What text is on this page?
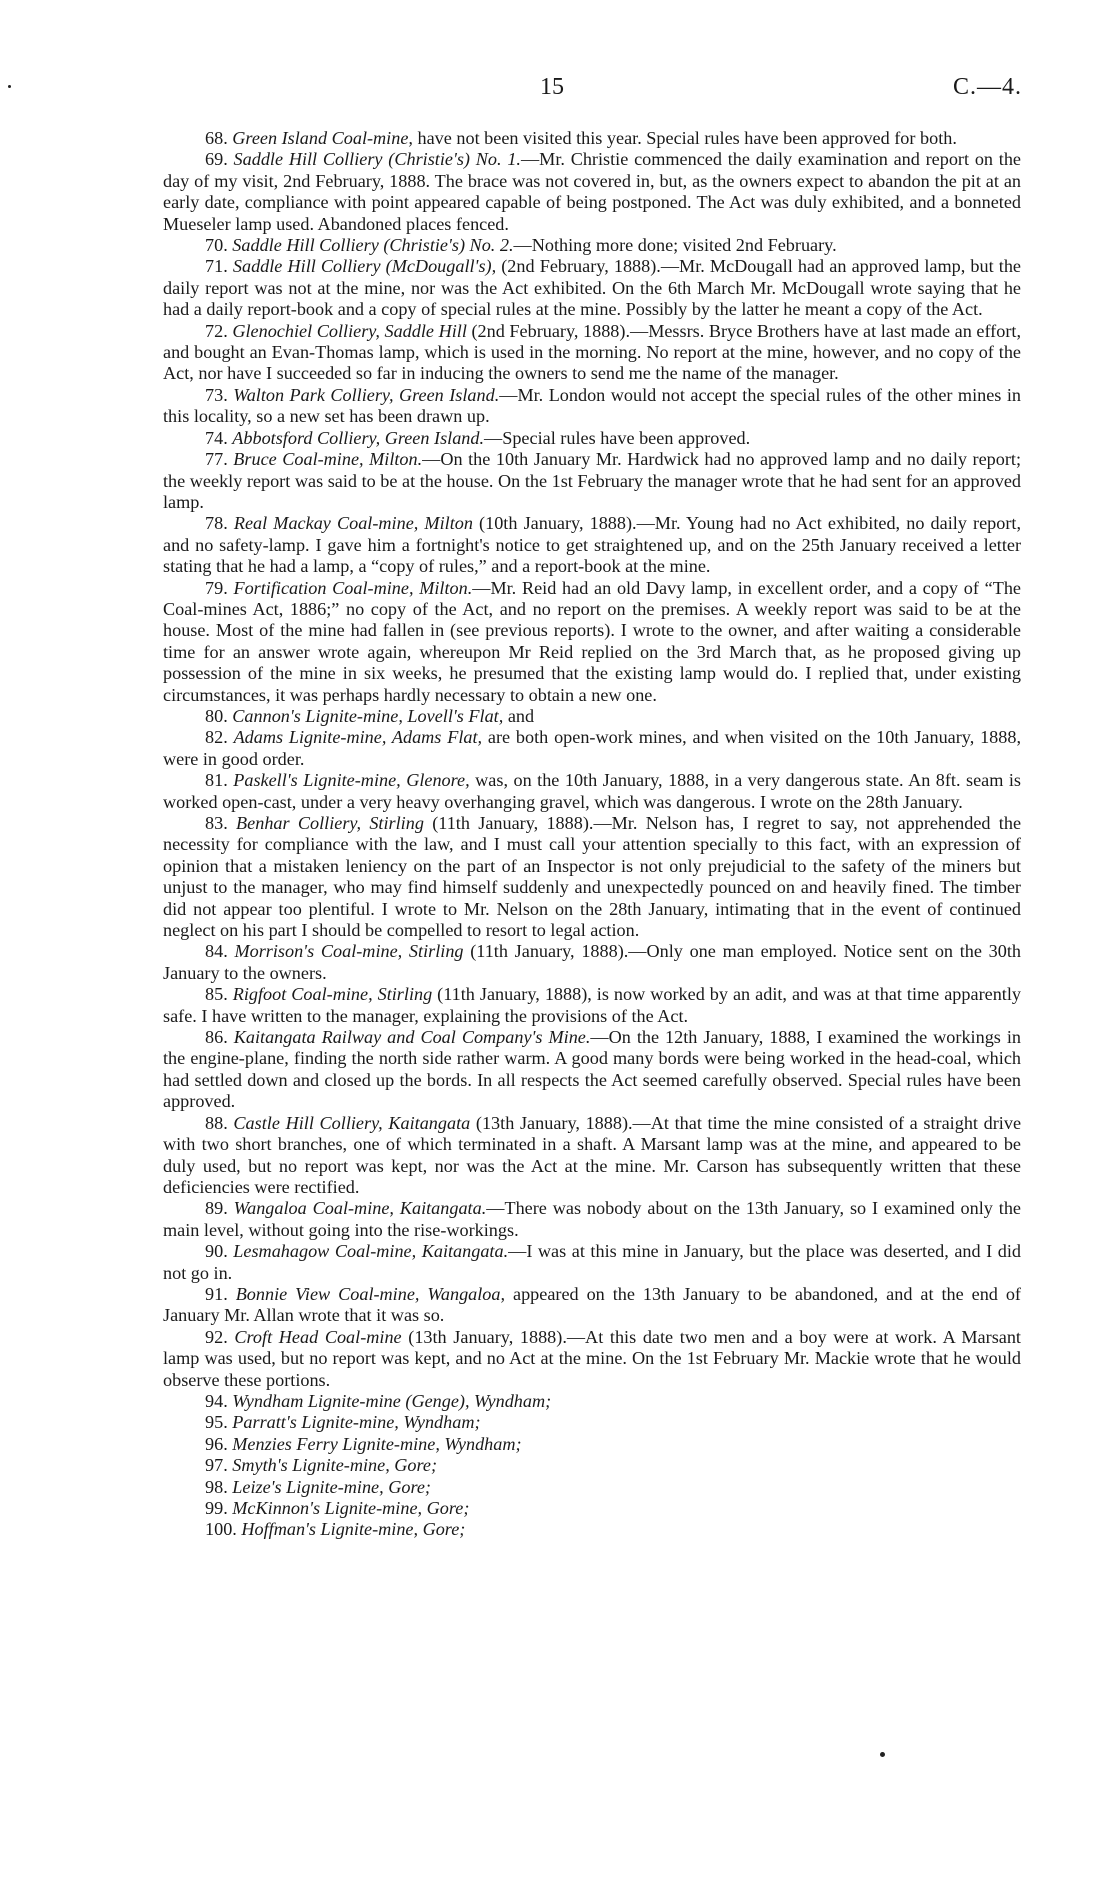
15	C.—4.

68. Green Island Coal-mine, have not been visited this year. Special rules have been approved for both.

69. Saddle Hill Colliery (Christie's) No. 1.—Mr. Christie commenced the daily examination and report on the day of my visit, 2nd February, 1888. The brace was not covered in, but, as the owners expect to abandon the pit at an early date, compliance with point appeared capable of being postponed. The Act was duly exhibited, and a bonneted Mueseler lamp used. Abandoned places fenced.

70. Saddle Hill Colliery (Christie's) No. 2.—Nothing more done; visited 2nd February.

71. Saddle Hill Colliery (McDougall's), (2nd February, 1888).—Mr. McDougall had an approved lamp, but the daily report was not at the mine, nor was the Act exhibited. On the 6th March Mr. McDougall wrote saying that he had a daily report-book and a copy of special rules at the mine. Possibly by the latter he meant a copy of the Act.

72. Glenochiel Colliery, Saddle Hill (2nd February, 1888).—Messrs. Bryce Brothers have at last made an effort, and bought an Evan-Thomas lamp, which is used in the morning. No report at the mine, however, and no copy of the Act, nor have I succeeded so far in inducing the owners to send me the name of the manager.

73. Walton Park Colliery, Green Island.—Mr. London would not accept the special rules of the other mines in this locality, so a new set has been drawn up.

74. Abbotsford Colliery, Green Island.—Special rules have been approved.

77. Bruce Coal-mine, Milton.—On the 10th January Mr. Hardwick had no approved lamp and no daily report; the weekly report was said to be at the house. On the 1st February the manager wrote that he had sent for an approved lamp.

78. Real Mackay Coal-mine, Milton (10th January, 1888).—Mr. Young had no Act exhibited, no daily report, and no safety-lamp. I gave him a fortnight's notice to get straightened up, and on the 25th January received a letter stating that he had a lamp, a “copy of rules,” and a report-book at the mine.

79. Fortification Coal-mine, Milton.—Mr. Reid had an old Davy lamp, in excellent order, and a copy of “The Coal-mines Act, 1886;” no copy of the Act, and no report on the premises. A weekly report was said to be at the house. Most of the mine had fallen in (see previous reports). I wrote to the owner, and after waiting a considerable time for an answer wrote again, whereupon Mr Reid replied on the 3rd March that, as he proposed giving up possession of the mine in six weeks, he presumed that the existing lamp would do. I replied that, under existing circumstances, it was perhaps hardly necessary to obtain a new one.

80. Cannon's Lignite-mine, Lovell's Flat, and

82. Adams Lignite-mine, Adams Flat, are both open-work mines, and when visited on the 10th January, 1888, were in good order.

81. Paskell's Lignite-mine, Glenore, was, on the 10th January, 1888, in a very dangerous state. An 8ft. seam is worked open-cast, under a very heavy overhanging gravel, which was dangerous. I wrote on the 28th January.

83. Benhar Colliery, Stirling (11th January, 1888).—Mr. Nelson has, I regret to say, not apprehended the necessity for compliance with the law, and I must call your attention specially to this fact, with an expression of opinion that a mistaken leniency on the part of an Inspector is not only prejudicial to the safety of the miners but unjust to the manager, who may find himself suddenly and unexpectedly pounced on and heavily fined. The timber did not appear too plentiful. I wrote to Mr. Nelson on the 28th January, intimating that in the event of continued neglect on his part I should be compelled to resort to legal action.

84. Morrison's Coal-mine, Stirling (11th January, 1888).—Only one man employed. Notice sent on the 30th January to the owners.

85. Rigfoot Coal-mine, Stirling (11th January, 1888), is now worked by an adit, and was at that time apparently safe. I have written to the manager, explaining the provisions of the Act.

86. Kaitangata Railway and Coal Company's Mine.—On the 12th January, 1888, I examined the workings in the engine-plane, finding the north side rather warm. A good many bords were being worked in the head-coal, which had settled down and closed up the bords. In all respects the Act seemed carefully observed. Special rules have been approved.

88. Castle Hill Colliery, Kaitangata (13th January, 1888).—At that time the mine consisted of a straight drive with two short branches, one of which terminated in a shaft. A Marsant lamp was at the mine, and appeared to be duly used, but no report was kept, nor was the Act at the mine. Mr. Carson has subsequently written that these deficiencies were rectified.

89. Wangaloa Coal-mine, Kaitangata.—There was nobody about on the 13th January, so I examined only the main level, without going into the rise-workings.

90. Lesmahagow Coal-mine, Kaitangata.—I was at this mine in January, but the place was deserted, and I did not go in.

91. Bonnie View Coal-mine, Wangaloa, appeared on the 13th January to be abandoned, and at the end of January Mr. Allan wrote that it was so.

92. Croft Head Coal-mine (13th January, 1888).—At this date two men and a boy were at work. A Marsant lamp was used, but no report was kept, and no Act at the mine. On the 1st February Mr. Mackie wrote that he would observe these portions.

94. Wyndham Lignite-mine (Genge), Wyndham;

95. Parratt's Lignite-mine, Wyndham;

96. Menzies Ferry Lignite-mine, Wyndham;

97. Smyth's Lignite-mine, Gore;

98. Leize's Lignite-mine, Gore;

99. McKinnon's Lignite-mine, Gore;

100. Hoffman's Lignite-mine, Gore;
